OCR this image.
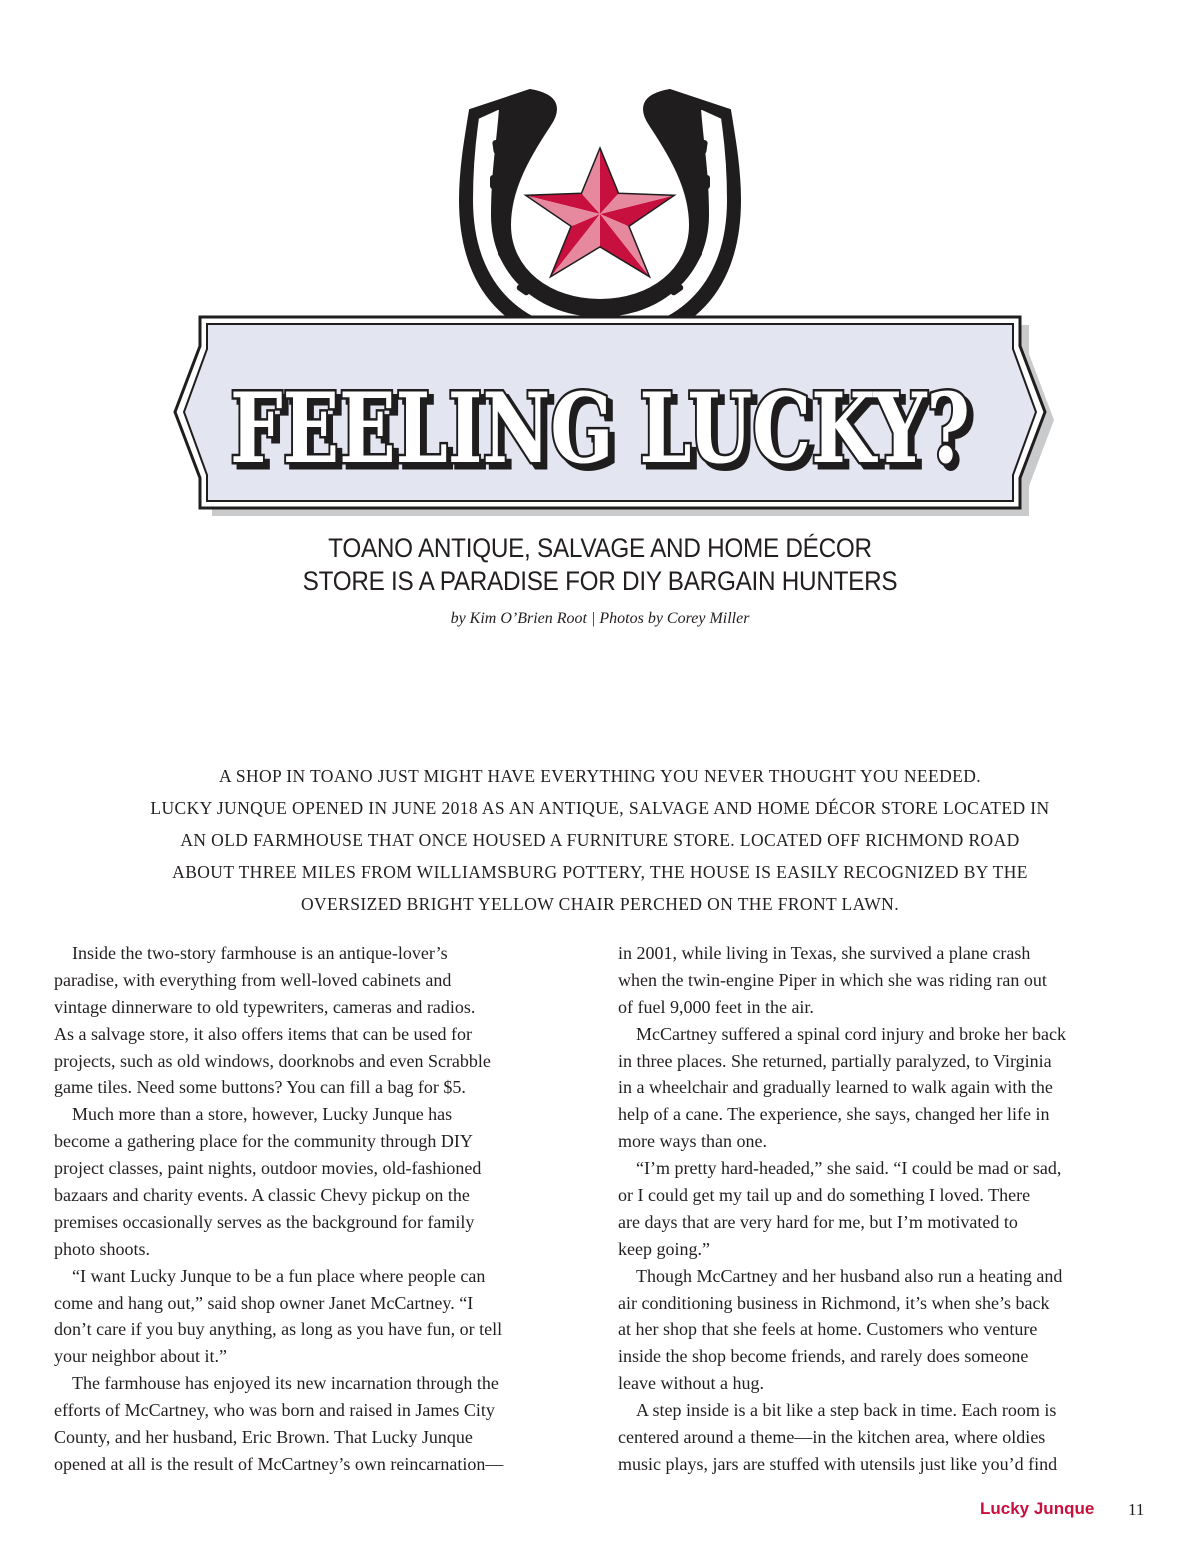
FEELING LUCKY?
TOANO ANTIQUE, SALVAGE AND HOME DÉCOR
STORE IS A PARADISE FOR DIY BARGAIN HUNTERS
by Kim O’Brien Root | Photos by Corey Miller
A SHOP IN TOANO JUST MIGHT HAVE EVERYTHING YOU NEVER THOUGHT YOU NEEDED.
LUCKY JUNQUE OPENED IN JUNE 2018 AS AN ANTIQUE, SALVAGE AND HOME DÉCOR STORE LOCATED IN
AN OLD FARMHOUSE THAT ONCE HOUSED A FURNITURE STORE. LOCATED OFF RICHMOND ROAD
ABOUT THREE MILES FROM WILLIAMSBURG POTTERY, THE HOUSE IS EASILY RECOGNIZED BY THE
OVERSIZED BRIGHT YELLOW CHAIR PERCHED ON THE FRONT LAWN.
Inside the two-story farmhouse is an antique-lover’s
paradise, with everything from well-loved cabinets and
vintage dinnerware to old typewriters, cameras and radios.
As a salvage store, it also offers items that can be used for
projects, such as old windows, doorknobs and even Scrabble
game tiles. Need some buttons? You can fill a bag for $5.
Much more than a store, however, Lucky Junque has
become a gathering place for the community through DIY
project classes, paint nights, outdoor movies, old-fashioned
bazaars and charity events. A classic Chevy pickup on the
premises occasionally serves as the background for family
photo shoots.
“I want Lucky Junque to be a fun place where people can
come and hang out,” said shop owner Janet McCartney. “I
don’t care if you buy anything, as long as you have fun, or tell
your neighbor about it.”
The farmhouse has enjoyed its new incarnation through the
efforts of McCartney, who was born and raised in James City
County, and her husband, Eric Brown. That Lucky Junque
opened at all is the result of McCartney’s own reincarnation—
in 2001, while living in Texas, she survived a plane crash
when the twin-engine Piper in which she was riding ran out
of fuel 9,000 feet in the air.
McCartney suffered a spinal cord injury and broke her back
in three places. She returned, partially paralyzed, to Virginia
in a wheelchair and gradually learned to walk again with the
help of a cane. The experience, she says, changed her life in
more ways than one.
“I’m pretty hard-headed,” she said. “I could be mad or sad,
or I could get my tail up and do something I loved. There
are days that are very hard for me, but I’m motivated to
keep going.”
Though McCartney and her husband also run a heating and
air conditioning business in Richmond, it’s when she’s back
at her shop that she feels at home. Customers who venture
inside the shop become friends, and rarely does someone
leave without a hug.
A step inside is a bit like a step back in time. Each room is
centered around a theme—in the kitchen area, where oldies
music plays, jars are stuffed with utensils just like you’d find
Lucky Junque 11
